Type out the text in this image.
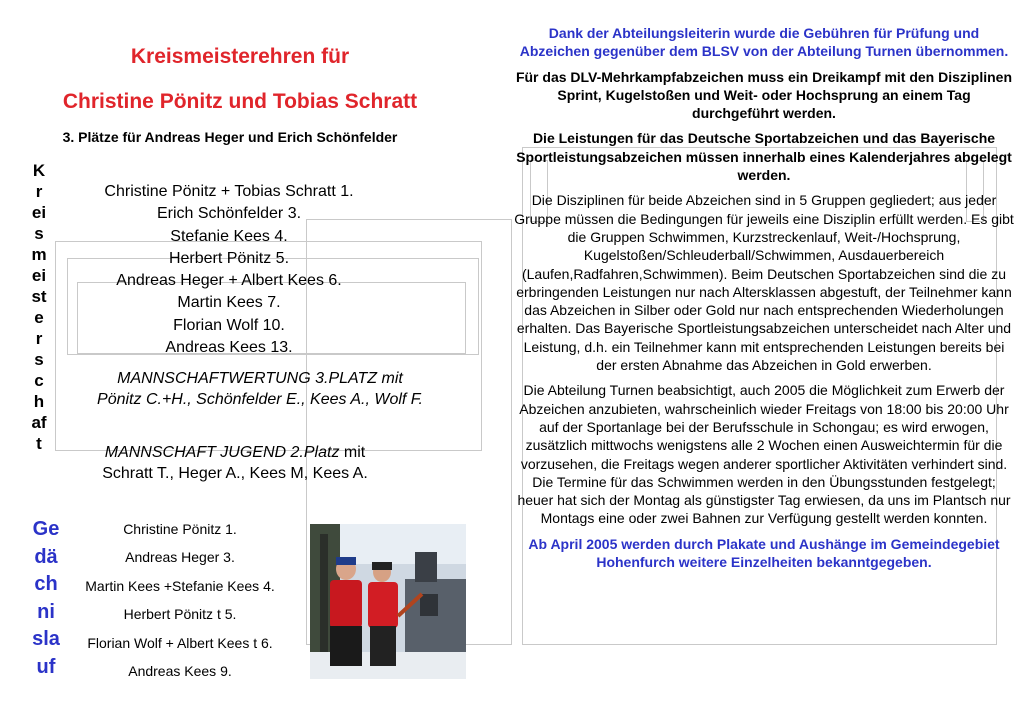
Kreismeisterehren für
Christine Pönitz und Tobias Schratt
3. Plätze für Andreas Heger und Erich Schönfelder
K
r
ei
s
m
ei
st
e
r
s
c
h
af
t

Christine Pönitz + Tobias Schratt 1.

Erich Schönfelder 3.

Stefanie Kees 4.

Herbert Pönitz 5.

Andreas Heger + Albert Kees 6.

Martin Kees 7.

Florian Wolf 10.

Andreas Kees 13.

MANNSCHAFTWERTUNG 3.PLATZ mit
Pönitz C.+H., Schönfelder E., Kees A., Wolf F.
MANNSCHAFT JUGEND 2.Platz mit
Schratt T., Heger A., Kees M, Kees A.
Ge
dä
ch
ni
sla
uf

Christine Pönitz 1.

Andreas Heger 3.

Martin Kees +Stefanie Kees 4.

Herbert Pönitz t 5.

Florian Wolf + Albert Kees t 6.

Andreas Kees 9.

Dank der Abteilungsleiterin wurde die Gebühren für Prüfung und Abzeichen gegenüber dem BLSV von der Abteilung Turnen übernommen.

Für das DLV-Mehrkampfabzeichen muss ein Dreikampf mit den Disziplinen Sprint, Kugelstoßen und Weit- oder Hochsprung an einem Tag durchgeführt werden.

Die Leistungen für das Deutsche Sportabzeichen und das Bayerische Sportleistungsabzeichen müssen innerhalb eines Kalenderjahres abgelegt werden.

Die Disziplinen für beide Abzeichen sind in 5 Gruppen gegliedert; aus jeder Gruppe müssen die Bedingungen für jeweils eine Disziplin erfüllt werden. Es gibt die Gruppen Schwimmen, Kurzstreckenlauf, Weit-/Hochsprung, Kugelstoßen/Schleuderball/Schwimmen, Ausdauerbereich (Laufen,Radfahren,Schwimmen). Beim Deutschen Sportabzeichen sind die zu erbringenden Leistungen nur nach Altersklassen abgestuft, der Teilnehmer kann das Abzeichen in Silber oder Gold nur nach entsprechenden Wiederholungen erhalten. Das Bayerische Sportleistungsabzeichen unterscheidet nach Alter und Leistung, d.h. ein Teilnehmer kann mit entsprechenden Leistungen bereits bei der ersten Abnahme das Abzeichen in Gold erwerben.

Die Abteilung Turnen beabsichtigt, auch 2005 die Möglichkeit zum Erwerb der Abzeichen anzubieten, wahrscheinlich wieder Freitags von 18:00 bis 20:00 Uhr auf der Sportanlage bei der Berufsschule in Schongau; es wird erwogen, zusätzlich mittwochs wenigstens alle 2 Wochen einen Ausweichtermin für die vorzusehen, die Freitags wegen anderer sportlicher Aktivitäten verhindert sind. Die Termine für das Schwimmen werden in den Übungsstunden festgelegt; heuer hat sich der Montag als günstigster Tag erwiesen, da uns im Plantsch nur Montags eine oder zwei Bahnen zur Verfügung gestellt werden konnten.

Ab April 2005 werden durch Plakate und Aushänge im Gemeindegebiet Hohenfurch weitere Einzelheiten bekanntgegeben.
